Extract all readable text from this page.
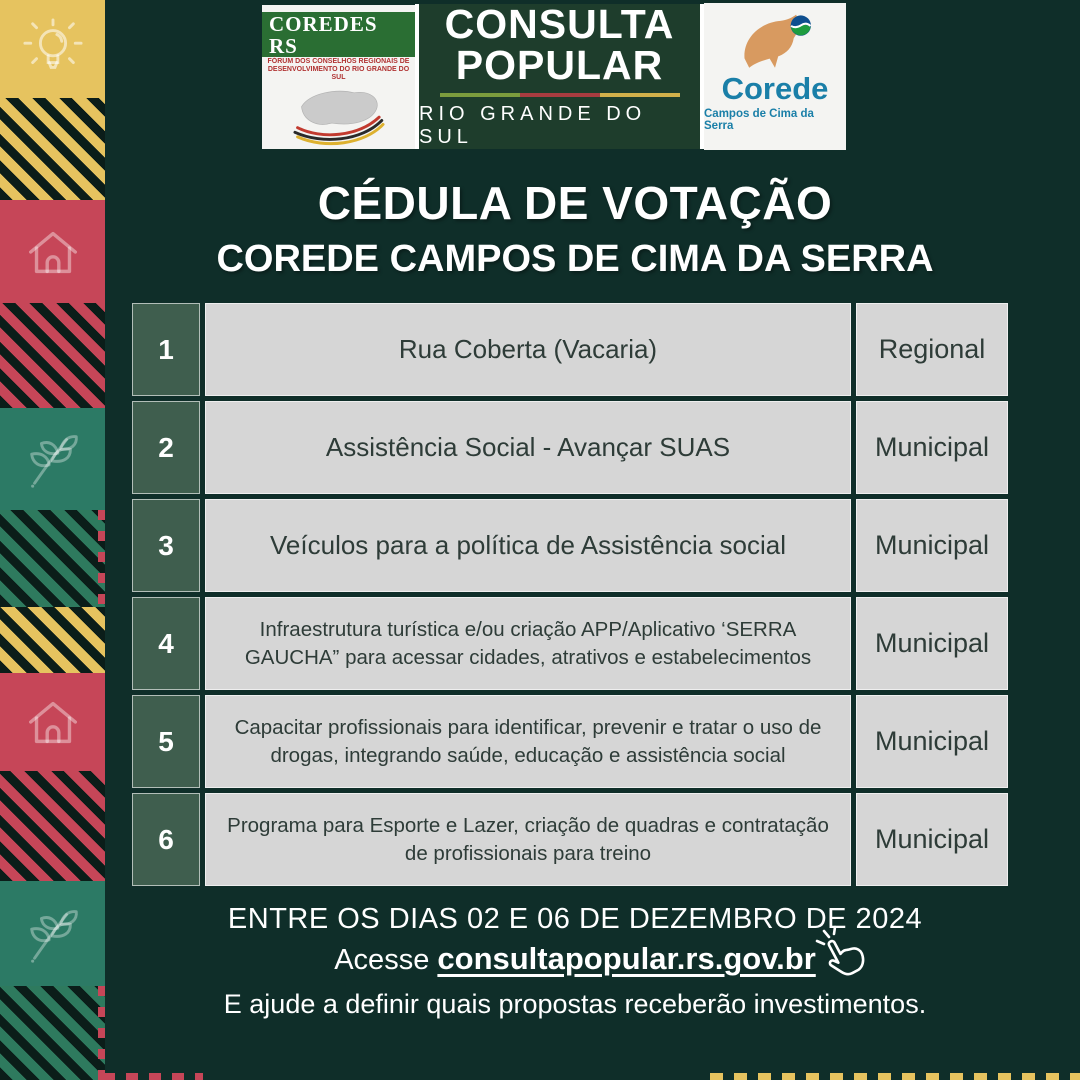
COREDES RS
FÓRUM DOS CONSELHOS REGIONAIS DE
DESENVOLVIMENTO DO RIO GRANDE DO SUL
CONSULTA
POPULAR
RIO GRANDE DO SUL
Corede
Campos de Cima da Serra
CÉDULA DE VOTAÇÃO
COREDE CAMPOS DE CIMA DA SERRA
1	Rua Coberta (Vacaria)	Regional
2	Assistência Social - Avançar SUAS	Municipal
3	Veículos para a política de Assistência social	Municipal
4	Infraestrutura turística e/ou criação APP/Aplicativo ‘SERRA GAUCHA” para acessar cidades, atrativos e estabelecimentos	Municipal
5	Capacitar profissionais para identificar, prevenir e tratar o uso de drogas, integrando saúde, educação e assistência social	Municipal
6	Programa para Esporte e Lazer, criação de quadras e contratação de profissionais para treino	Municipal
ENTRE OS DIAS 02 E 06 DE DEZEMBRO DE 2024
Acesse consultapopular.rs.gov.br
E ajude a definir quais propostas receberão investimentos.
